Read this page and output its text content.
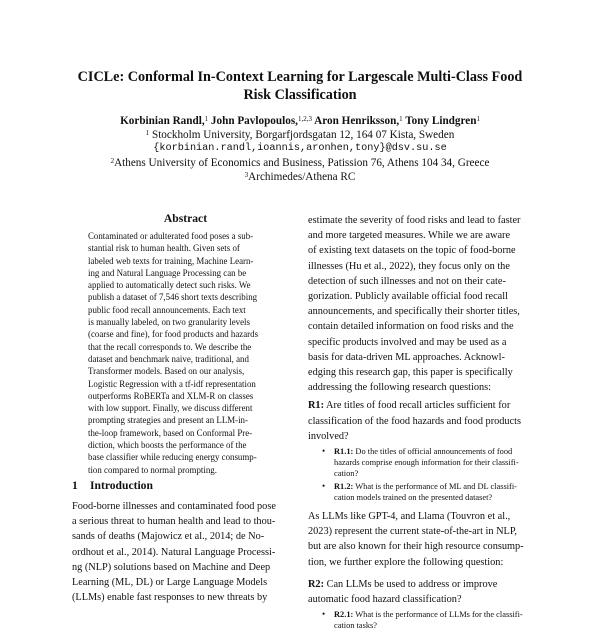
CICLe: Conformal In-Context Learning for Largescale Multi-Class Food
Risk Classification
Korbinian Randl,$^1$ John Pavlopoulos,$^{1,2,3}$ Aron Henriksson,$^1$ Tony Lindgren$^1$
$^1$ Stockholm University, Borgarfjordsgatan 12, 164 07 Kista, Sweden
{korbinian.randl,ioannis,aronhen,tony}@dsv.su.se
$^2$Athens University of Economics and Business, Patission 76, Athens 104 34, Greece
$^3$Archimedes/Athena RC
Abstract
Contaminated or adulterated food poses a sub-
stantial risk to human health. Given sets of
labeled web texts for training, Machine Learn-
ing and Natural Language Processing can be
applied to automatically detect such risks. We
publish a dataset of 7,546 short texts describing
public food recall announcements. Each text
is manually labeled, on two granularity levels
(coarse and fine), for food products and hazards
that the recall corresponds to. We describe the
dataset and benchmark naive, traditional, and
Transformer models. Based on our analysis,
Logistic Regression with a tf-idf representation
outperforms RoBERTa and XLM-R on classes
with low support. Finally, we discuss different
prompting strategies and present an LLM-in-
the-loop framework, based on Conformal Pre-
diction, which boosts the performance of the
base classifier while reducing energy consump-
tion compared to normal prompting.
1 Introduction
Food-borne illnesses and contaminated food pose
a serious threat to human health and lead to thou-
sands of deaths (Majowicz et al., 2014; de No-
ordhout et al., 2014). Natural Language Processi-
ng (NLP) solutions based on Machine and Deep
Learning (ML, DL) or Large Language Models
(LLMs) enable fast responses to new threats by
estimate the severity of food risks and lead to faster
and more targeted measures. While we are aware
of existing text datasets on the topic of food-borne
illnesses (Hu et al., 2022), they focus only on the
detection of such illnesses and not on their cate-
gorization. Publicly available official food recall
announcements, and specifically their shorter titles,
contain detailed information on food risks and the
specific products involved and may be used as a
basis for data-driven ML approaches. Acknowl-
edging this research gap, this paper is specifically
addressing the following research questions:
R1: Are titles of food recall articles sufficient for
classification of the food hazards and food products
involved?
• R1.1: Do the titles of official announcements of food
hazards comprise enough information for their classifi-
cation?
• R1.2: What is the performance of ML and DL classifi-
cation models trained on the presented dataset?
As LLMs like GPT-4, and Llama (Touvron et al.,
2023) represent the current state-of-the-art in NLP,
but are also known for their high resource consump-
tion, we further explore the following question:
R2: Can LLMs be used to address or improve
automatic food hazard classification?
• R2.1: What is the performance of LLMs for the classifi-
cation tasks?
